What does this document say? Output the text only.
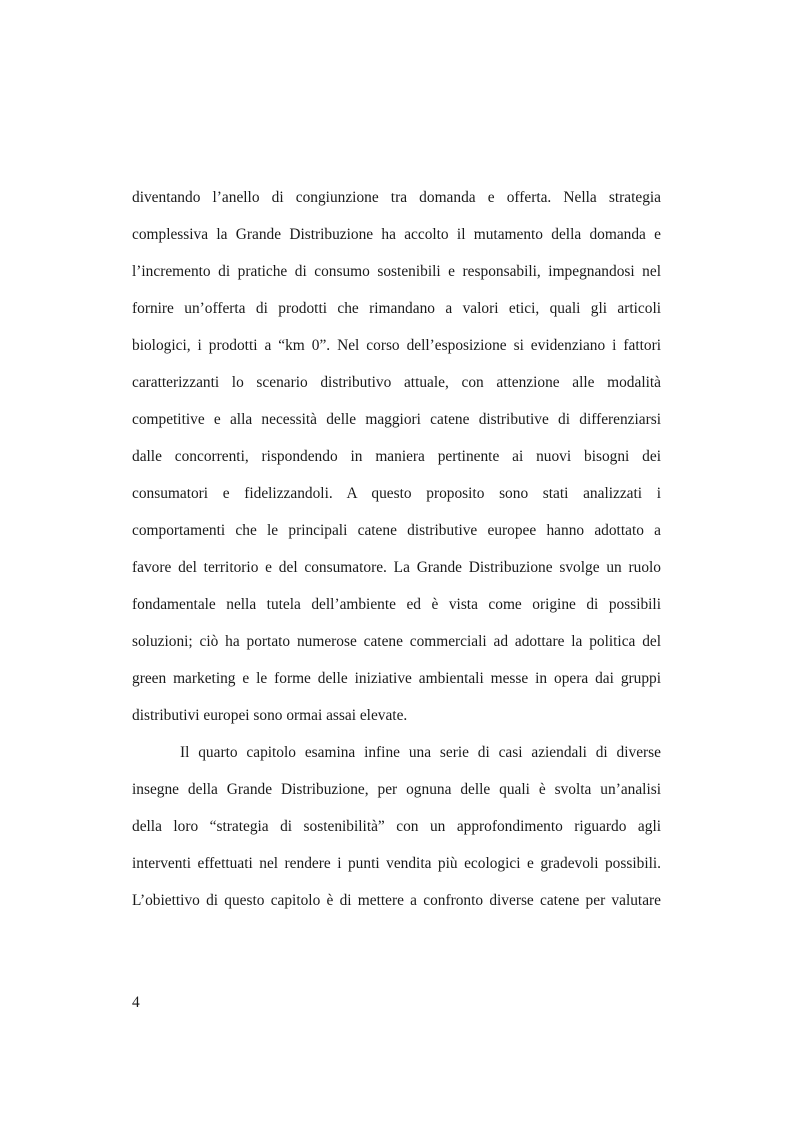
diventando l’anello di congiunzione tra domanda e offerta. Nella strategia
complessiva la Grande Distribuzione ha accolto il mutamento della domanda e
l’incremento di pratiche di consumo sostenibili e responsabili, impegnandosi nel
fornire un’offerta di prodotti che rimandano a valori etici, quali gli articoli
biologici, i prodotti a “km 0”. Nel corso dell’esposizione si evidenziano i fattori
caratterizzanti lo scenario distributivo attuale, con attenzione alle modalità
competitive e alla necessità delle maggiori catene distributive di differenziarsi
dalle concorrenti, rispondendo in maniera pertinente ai nuovi bisogni dei
consumatori e fidelizzandoli. A questo proposito sono stati analizzati i
comportamenti che le principali catene distributive europee hanno adottato a
favore del territorio e del consumatore. La Grande Distribuzione svolge un ruolo
fondamentale nella tutela dell’ambiente ed è vista come origine di possibili
soluzioni; ciò ha portato numerose catene commerciali ad adottare la politica del
green marketing e le forme delle iniziative ambientali messe in opera dai gruppi
distributivi europei sono ormai assai elevate.
Il quarto capitolo esamina infine una serie di casi aziendali di diverse
insegne della Grande Distribuzione, per ognuna delle quali è svolta un’analisi
della loro “strategia di sostenibilità” con un approfondimento riguardo agli
interventi effettuati nel rendere i punti vendita più ecologici e gradevoli possibili.
L’obiettivo di questo capitolo è di mettere a confronto diverse catene per valutare
4
